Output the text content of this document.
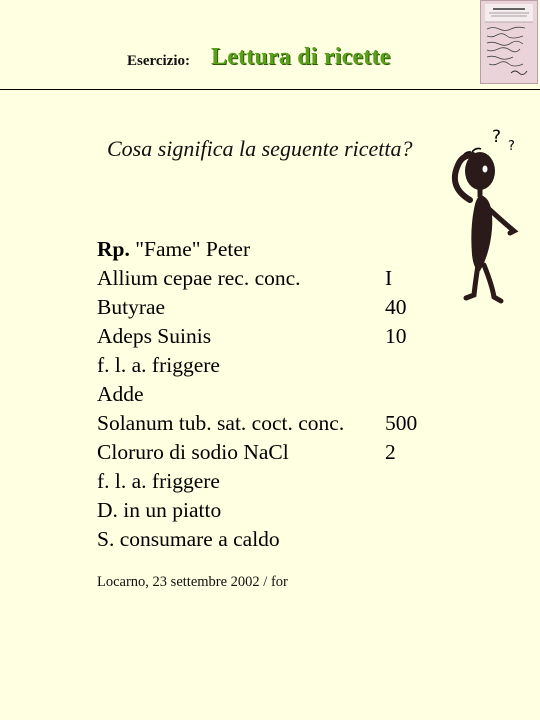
Esercizio: Lettura di ricette
Cosa significa la seguente ricetta?	? ?
Rp. "Fame" Peter
Allium cepae rec. conc.	I
Butyrae	40
Adeps Suinis	10
f. l. a. friggere
Adde
Solanum tub. sat. coct. conc. 500
Cloruro di sodio NaCl	2
f. l. a. friggere
D. in un piatto
S. consumare a caldo
Locarno, 23 settembre 2002 / for
